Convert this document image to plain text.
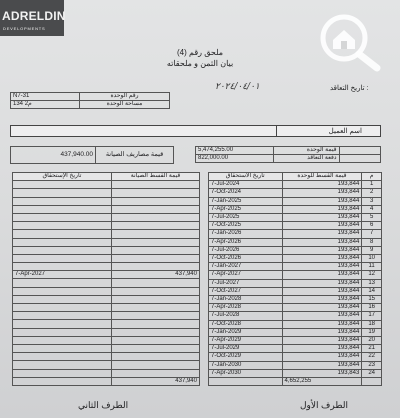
ADRELDIN
DEVELOPMENTS
ملحق رقم (4)
بيان الثمن و ملحقاته
تاريخ التعاقد :
٢٠٢٤/٠٤/٠١
N7-31	رقم الوحدة
134 م2	مساحة الوحدة
اسم العميل
5,474,255.00	قيمة الوحدة	
822,000.00	دفعة التعاقد	
437,940.00	قيمة مصاريف الصيانة
تاريخ الاستحقاق	قيمة القسط للوحدة	م
7-Jul-2024	193,844	1
7-Oct-2024	193,844	2
7-Jan-2025	193,844	3
7-Apr-2025	193,844	4
7-Jul-2025	193,844	5
7-Oct-2025	193,844	6
7-Jan-2026	193,844	7
7-Apr-2026	193,844	8
7-Jul-2026	193,844	9
7-Oct-2026	193,844	10
7-Jan-2027	193,844	11
7-Apr-2027	193,844	12
7-Jul-2027	193,844	13
7-Oct-2027	193,844	14
7-Jan-2028	193,844	15
7-Apr-2028	193,844	16
7-Jul-2028	193,844	17
7-Oct-2028	193,844	18
7-Jan-2029	193,844	19
7-Apr-2029	193,844	20
7-Jul-2029	193,844	21
7-Oct-2029	193,844	22
7-Jan-2030	193,844	23
7-Apr-2030	193,843	24
	4,652,255	
تاريخ الإستحقاق	قيمة القسط الصيانة

7-Apr-2027	437,940

	437,940
الطرف الأول
الطرف الثاني
